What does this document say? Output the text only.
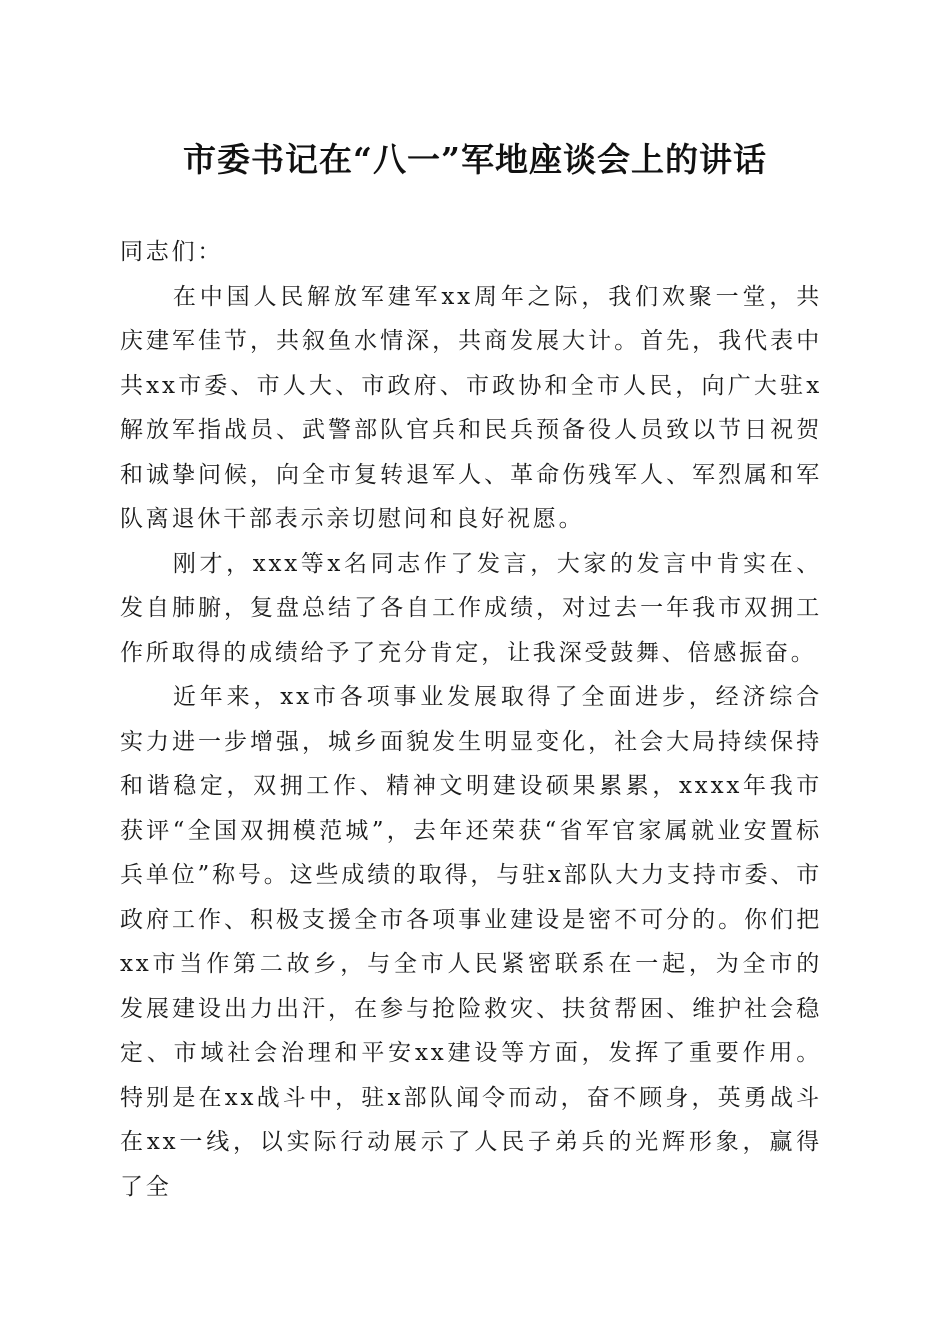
市委书记在“八一”军地座谈会上的讲话

同志们：

在中国人民解放军建军xx周年之际，我们欢聚一堂，共庆建军佳节，共叙鱼水情深，共商发展大计。首先，我代表中共xx市委、市人大、市政府、市政协和全市人民，向广大驻x解放军指战员、武警部队官兵和民兵预备役人员致以节日祝贺和诚挚问候，向全市复转退军人、革命伤残军人、军烈属和军队离退休干部表示亲切慰问和良好祝愿。

刚才，xxx等x名同志作了发言，大家的发言中肯实在、发自肺腑，复盘总结了各自工作成绩，对过去一年我市双拥工作所取得的成绩给予了充分肯定，让我深受鼓舞、倍感振奋。

近年来，xx市各项事业发展取得了全面进步，经济综合实力进一步增强，城乡面貌发生明显变化，社会大局持续保持和谐稳定，双拥工作、精神文明建设硕果累累，xxxx年我市获评“全国双拥模范城”，去年还荣获“省军官家属就业安置标兵单位”称号。这些成绩的取得，与驻x部队大力支持市委、市政府工作、积极支援全市各项事业建设是密不可分的。你们把xx市当作第二故乡，与全市人民紧密联系在一起，为全市的发展建设出力出汗，在参与抢险救灾、扶贫帮困、维护社会稳定、市域社会治理和平安xx建设等方面，发挥了重要作用。特别是在xx战斗中，驻x部队闻令而动，奋不顾身，英勇战斗在xx一线，以实际行动展示了人民子弟兵的光辉形象，赢得了全
